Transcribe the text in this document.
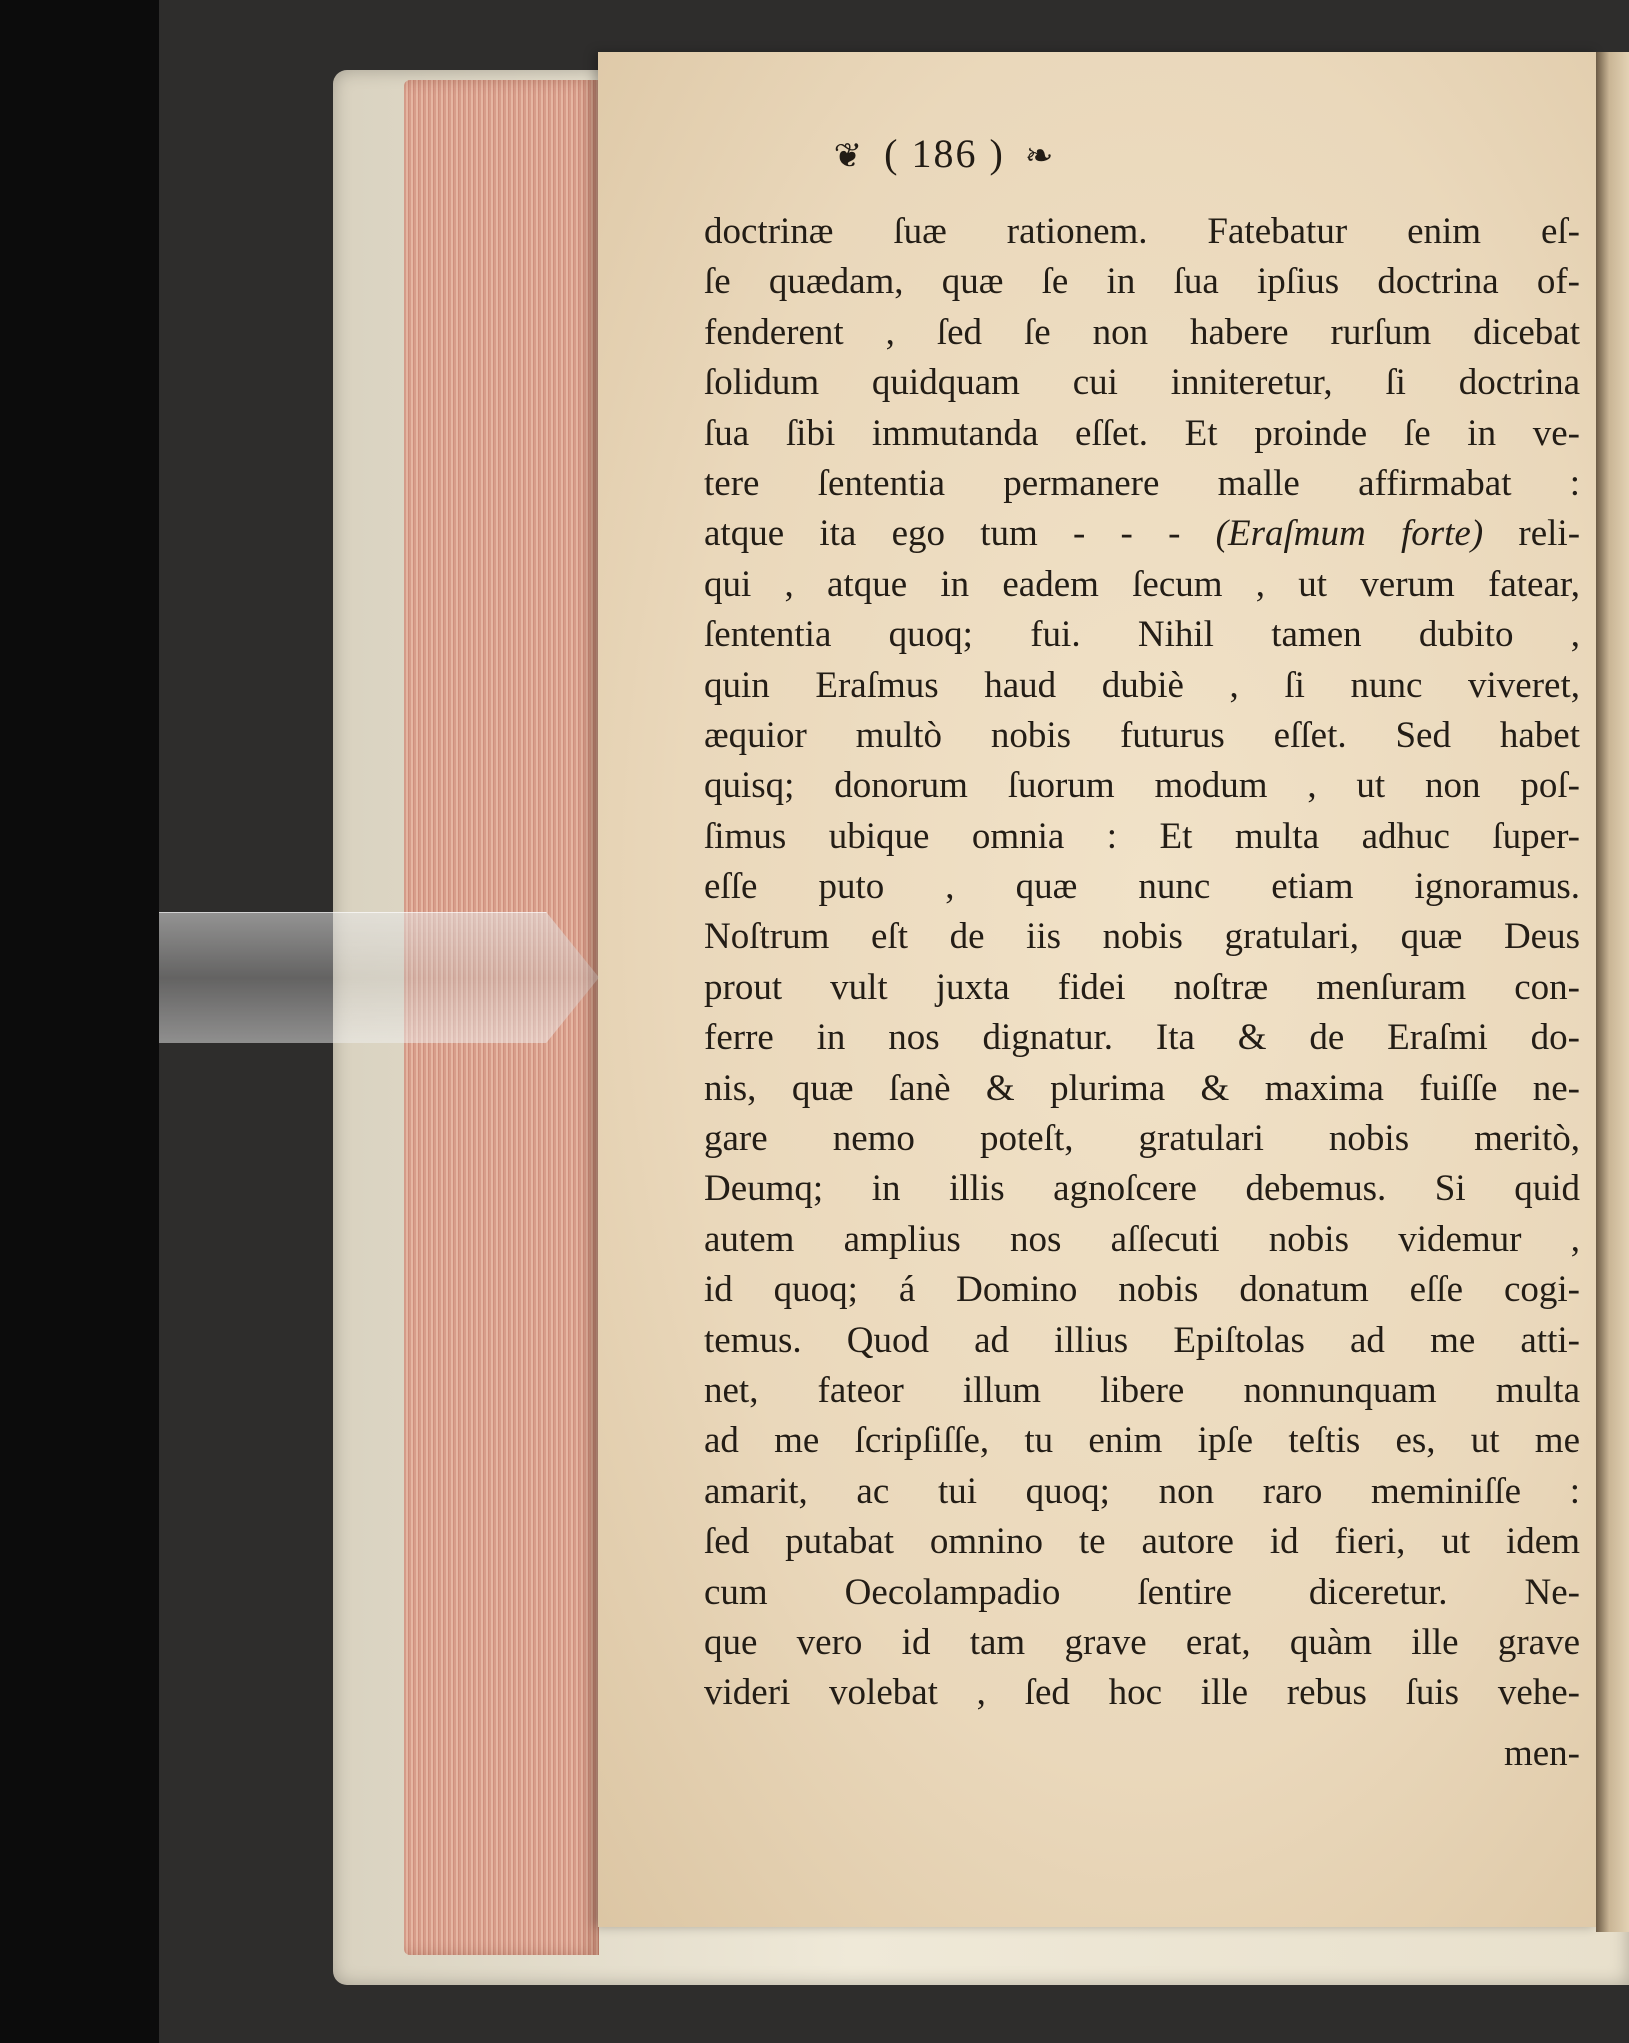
❦ ( 186 ) ❧
doctrinæ ſuæ rationem. Fatebatur enim eſ-
ſe quædam, quæ ſe in ſua ipſius doctrina of-
fenderent , ſed ſe non habere rurſum dicebat
ſolidum quidquam cui inniteretur, ſi doctrina
ſua ſibi immutanda eſſet. Et proinde ſe in ve-
tere ſententia permanere malle affirmabat :
atque ita ego tum - - - (Eraſmum forte) reli-
qui , atque in eadem ſecum , ut verum fatear,
ſententia quoq; fui. Nihil tamen dubito ,
quin Eraſmus haud dubiè , ſi nunc viveret,
æquior multò nobis futurus eſſet. Sed habet
quisq; donorum ſuorum modum , ut non poſ-
ſimus ubique omnia : Et multa adhuc ſuper-
eſſe puto , quæ nunc etiam ignoramus.
Noſtrum eſt de iis nobis gratulari, quæ Deus
prout vult juxta fidei noſtræ menſuram con-
ferre in nos dignatur. Ita & de Eraſmi do-
nis, quæ ſanè & plurima & maxima fuiſſe ne-
gare nemo poteſt, gratulari nobis meritò,
Deumq; in illis agnoſcere debemus. Si quid
autem amplius nos aſſecuti nobis videmur ,
id quoq; á Domino nobis donatum eſſe cogi-
temus. Quod ad illius Epiſtolas ad me atti-
net, fateor illum libere nonnunquam multa
ad me ſcripſiſſe, tu enim ipſe teſtis es, ut me
amarit, ac tui quoq; non raro meminiſſe :
ſed putabat omnino te autore id fieri, ut idem
cum Oecolampadio ſentire diceretur. Ne-
que vero id tam grave erat, quàm ille grave
videri volebat , ſed hoc ille rebus ſuis vehe-
men-
